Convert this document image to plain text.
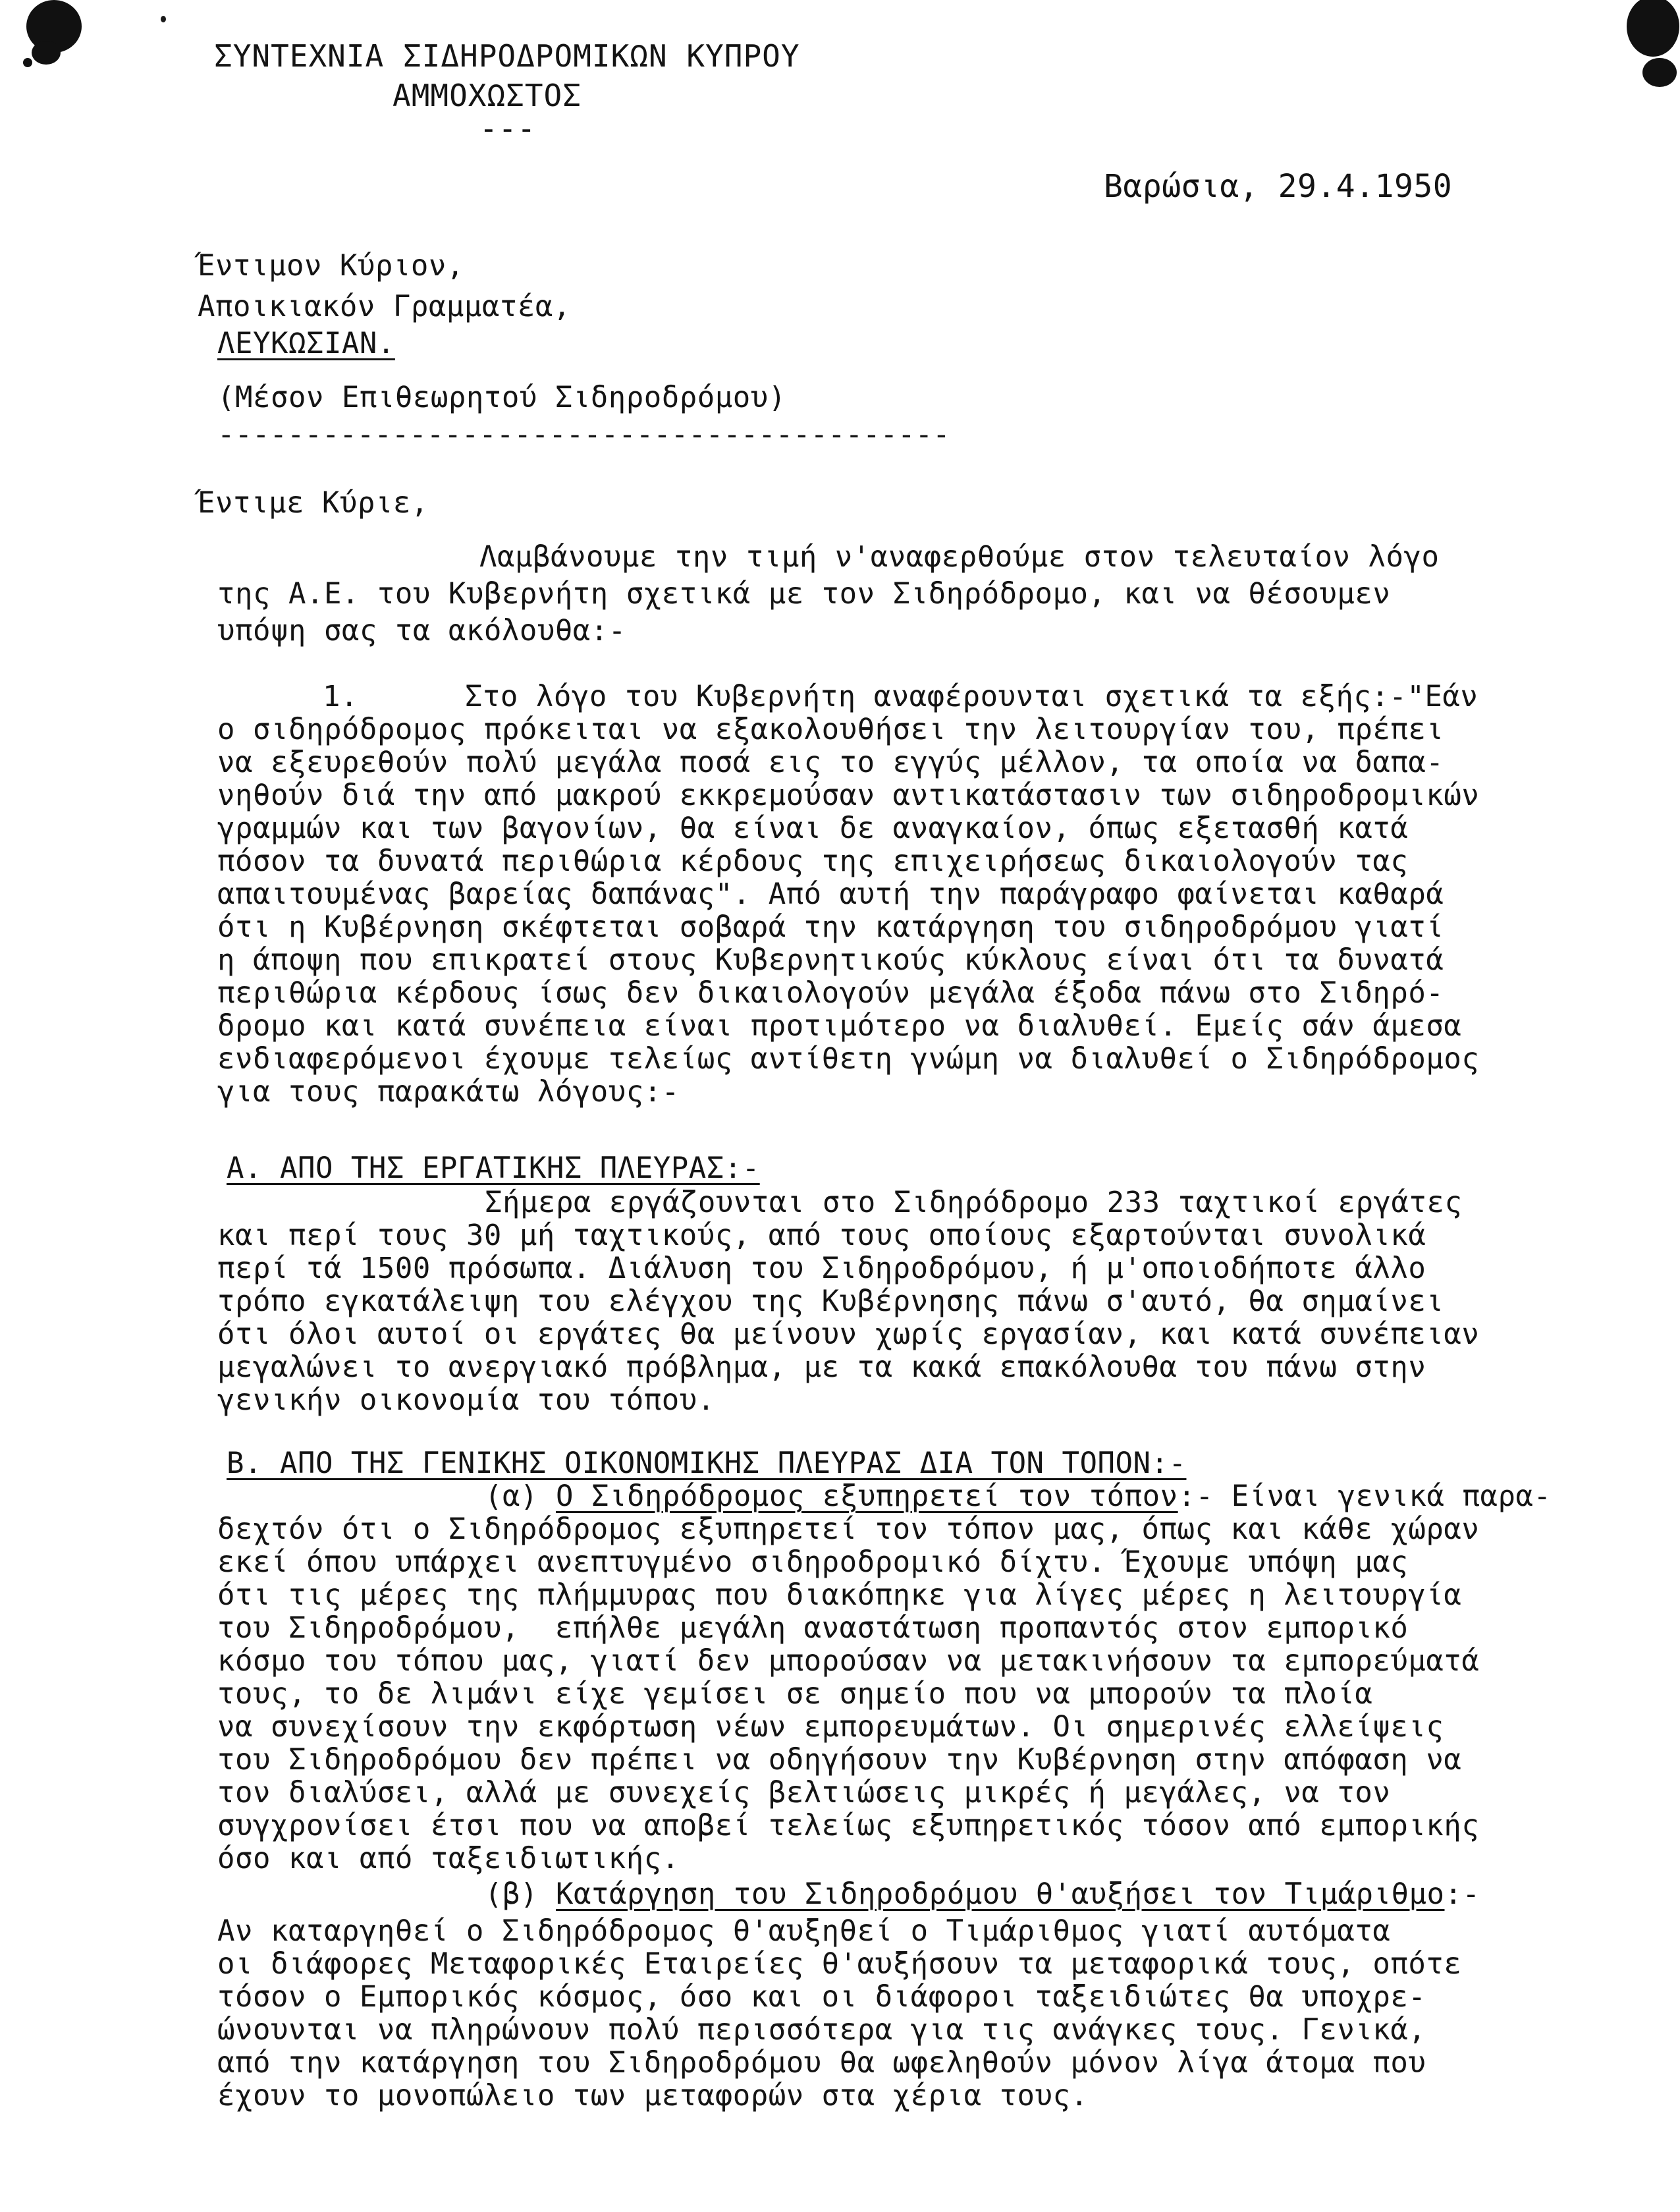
ΣΥΝΤΕΧΝΙΑ ΣΙΔΗΡΟΔΡΟΜΙΚΩΝ ΚΥΠΡΟΥ
ΑΜΜΟΧΩΣΤΟΣ
---
Βαρώσια, 29.4.1950
Έντιμον Κύριον,
Αποικιακόν Γραμματέα,
ΛΕΥΚΩΣΙΑΝ.
(Μέσον Επιθεωρητού Σιδηροδρόμου)
------------------------------------------
Έντιμε Κύριε,
Λαμβάνουμε την τιμή ν'αναφερθούμε στον τελευταίον λόγο
της Α.Ε. του Κυβερνήτη σχετικά με τον Σιδηρόδρομο, και να θέσουμεν
υπόψη σας τα ακόλουθα:-
1.      Στο λόγο του Κυβερνήτη αναφέρουνται σχετικά τα εξής:-"Εάν
ο σιδηρόδρομος πρόκειται να εξακολουθήσει την λειτουργίαν του, πρέπει
να εξευρεθούν πολύ μεγάλα ποσά εις το εγγύς μέλλον, τα οποία να δαπα-
νηθούν διά την από μακρού εκκρεμούσαν αντικατάστασιν των σιδηροδρομικών
γραμμών και των βαγονίων, θα είναι δε αναγκαίον, όπως εξετασθή κατά
πόσον τα δυνατά περιθώρια κέρδους της επιχειρήσεως δικαιολογούν τας
απαιτουμένας βαρείας δαπάνας". Από αυτή την παράγραφο φαίνεται καθαρά
ότι η Κυβέρνηση σκέφτεται σοβαρά την κατάργηση του σιδηροδρόμου γιατί
η άποψη που επικρατεί στους Κυβερνητικούς κύκλους είναι ότι τα δυνατά
περιθώρια κέρδους ίσως δεν δικαιολογούν μεγάλα έξοδα πάνω στο Σιδηρό-
δρομο και κατά συνέπεια είναι προτιμότερο να διαλυθεί. Εμείς σάν άμεσα
ενδιαφερόμενοι έχουμε τελείως αντίθετη γνώμη να διαλυθεί ο Σιδηρόδρομος
για τους παρακάτω λόγους:-
Α. ΑΠΟ ΤΗΣ ΕΡΓΑΤΙΚΗΣ ΠΛΕΥΡΑΣ:-
Σήμερα εργάζουνται στο Σιδηρόδρομο 233 ταχτικοί εργάτες
και περί τους 30 μή ταχτικούς, από τους οποίους εξαρτούνται συνολικά
περί τά 1500 πρόσωπα. Διάλυση του Σιδηροδρόμου, ή μ'οποιοδήποτε άλλο
τρόπο εγκατάλειψη του ελέγχου της Κυβέρνησης πάνω σ'αυτό, θα σημαίνει
ότι όλοι αυτοί οι εργάτες θα μείνουν χωρίς εργασίαν, και κατά συνέπειαν
μεγαλώνει το ανεργιακό πρόβλημα, με τα κακά επακόλουθα του πάνω στην
γενικήν οικονομία του τόπου.
Β. ΑΠΟ ΤΗΣ ΓΕΝΙΚΗΣ ΟΙΚΟΝΟΜΙΚΗΣ ΠΛΕΥΡΑΣ ΔΙΑ ΤΟΝ ΤΟΠΟΝ:-
(α) Ο Σιδηρόδρομος εξυπηρετεί τον τόπον:- Είναι γενικά παρα-
δεχτόν ότι ο Σιδηρόδρομος εξυπηρετεί τον τόπον μας, όπως και κάθε χώραν
εκεί όπου υπάρχει ανεπτυγμένο σιδηροδρομικό δίχτυ. Έχουμε υπόψη μας
ότι τις μέρες της πλήμμυρας που διακόπηκε για λίγες μέρες η λειτουργία
του Σιδηροδρόμου,  επήλθε μεγάλη αναστάτωση προπαντός στον εμπορικό
κόσμο του τόπου μας, γιατί δεν μπορούσαν να μετακινήσουν τα εμπορεύματά
τους, το δε λιμάνι είχε γεμίσει σε σημείο που να μπορούν τα πλοία
να συνεχίσουν την εκφόρτωση νέων εμπορευμάτων. Οι σημερινές ελλείψεις
του Σιδηροδρόμου δεν πρέπει να οδηγήσουν την Κυβέρνηση στην απόφαση να
τον διαλύσει, αλλά με συνεχείς βελτιώσεις μικρές ή μεγάλες, να τον
συγχρονίσει έτσι που να αποβεί τελείως εξυπηρετικός τόσον από εμπορικής
όσο και από ταξειδιωτικής.
(β) Κατάργηση του Σιδηροδρόμου θ'αυξήσει τον Τιμάριθμο:-
Αν καταργηθεί ο Σιδηρόδρομος θ'αυξηθεί ο Τιμάριθμος γιατί αυτόματα
οι διάφορες Μεταφορικές Εταιρείες θ'αυξήσουν τα μεταφορικά τους, οπότε
τόσον ο Εμπορικός κόσμος, όσο και οι διάφοροι ταξειδιώτες θα υποχρε-
ώνουνται να πληρώνουν πολύ περισσότερα για τις ανάγκες τους. Γενικά,
από την κατάργηση του Σιδηροδρόμου θα ωφεληθούν μόνον λίγα άτομα που
έχουν το μονοπώλειο των μεταφορών στα χέρια τους.
